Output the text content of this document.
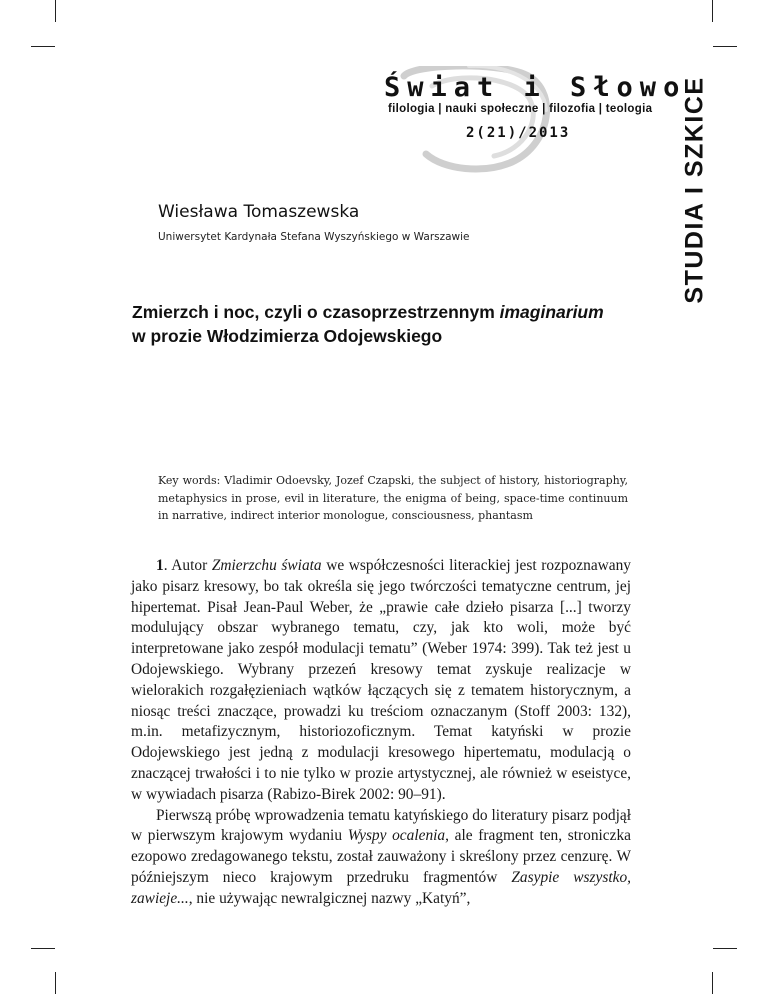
Świat i Słowo
filologia | nauki społeczne | filozofia | teologia
2(21)/2013	STUDIA I SZKICE
Wiesława Tomaszewska
Uniwersytet Kardynała Stefana Wyszyńskiego w Warszawie
Zmierzch i noc, czyli o czasoprzestrzennym imaginarium
w prozie Włodzimierza Odojewskiego
Key words: Vladimir Odoevsky, Jozef Czapski, the subject of history, historiography, metaphysics in prose, evil in literature, the enigma of being, space-time continuum in narrative, indirect interior monologue, consciousness, phantasm

1. Autor Zmierzchu świata we współczesności literackiej jest rozpoznawany jako pisarz kresowy, bo tak określa się jego twórczości tematyczne centrum, jej hipertemat. Pisał Jean-Paul Weber, że „prawie całe dzieło pisarza [...] tworzy modulujący obszar wybranego tematu, czy, jak kto woli, może być interpretowane jako zespół modulacji tematu” (Weber 1974: 399). Tak też jest u Odojewskiego. Wybrany przezeń kresowy temat zyskuje realizacje w wielorakich rozgałęzieniach wątków łączących się z tematem historycznym, a niosąc treści znaczące, prowadzi ku treściom oznaczanym (Stoff 2003: 132), m.in. metafizycznym, historiozoficznym. Temat katyński w prozie Odojewskiego jest jedną z modulacji kresowego hipertematu, modulacją o znaczącej trwałości i to nie tylko w prozie artystycznej, ale również w eseistyce, w wywiadach pisarza (Rabizo-Birek 2002: 90–91).

Pierwszą próbę wprowadzenia tematu katyńskiego do literatury pisarz podjął w pierwszym krajowym wydaniu Wyspy ocalenia, ale fragment ten, stroniczka ezopowo zredagowanego tekstu, został zauważony i skreślony przez cenzurę. W późniejszym nieco krajowym przedruku fragmentów Zasypie wszystko, zawieje..., nie używając newralgicznej nazwy „Katyń”,
